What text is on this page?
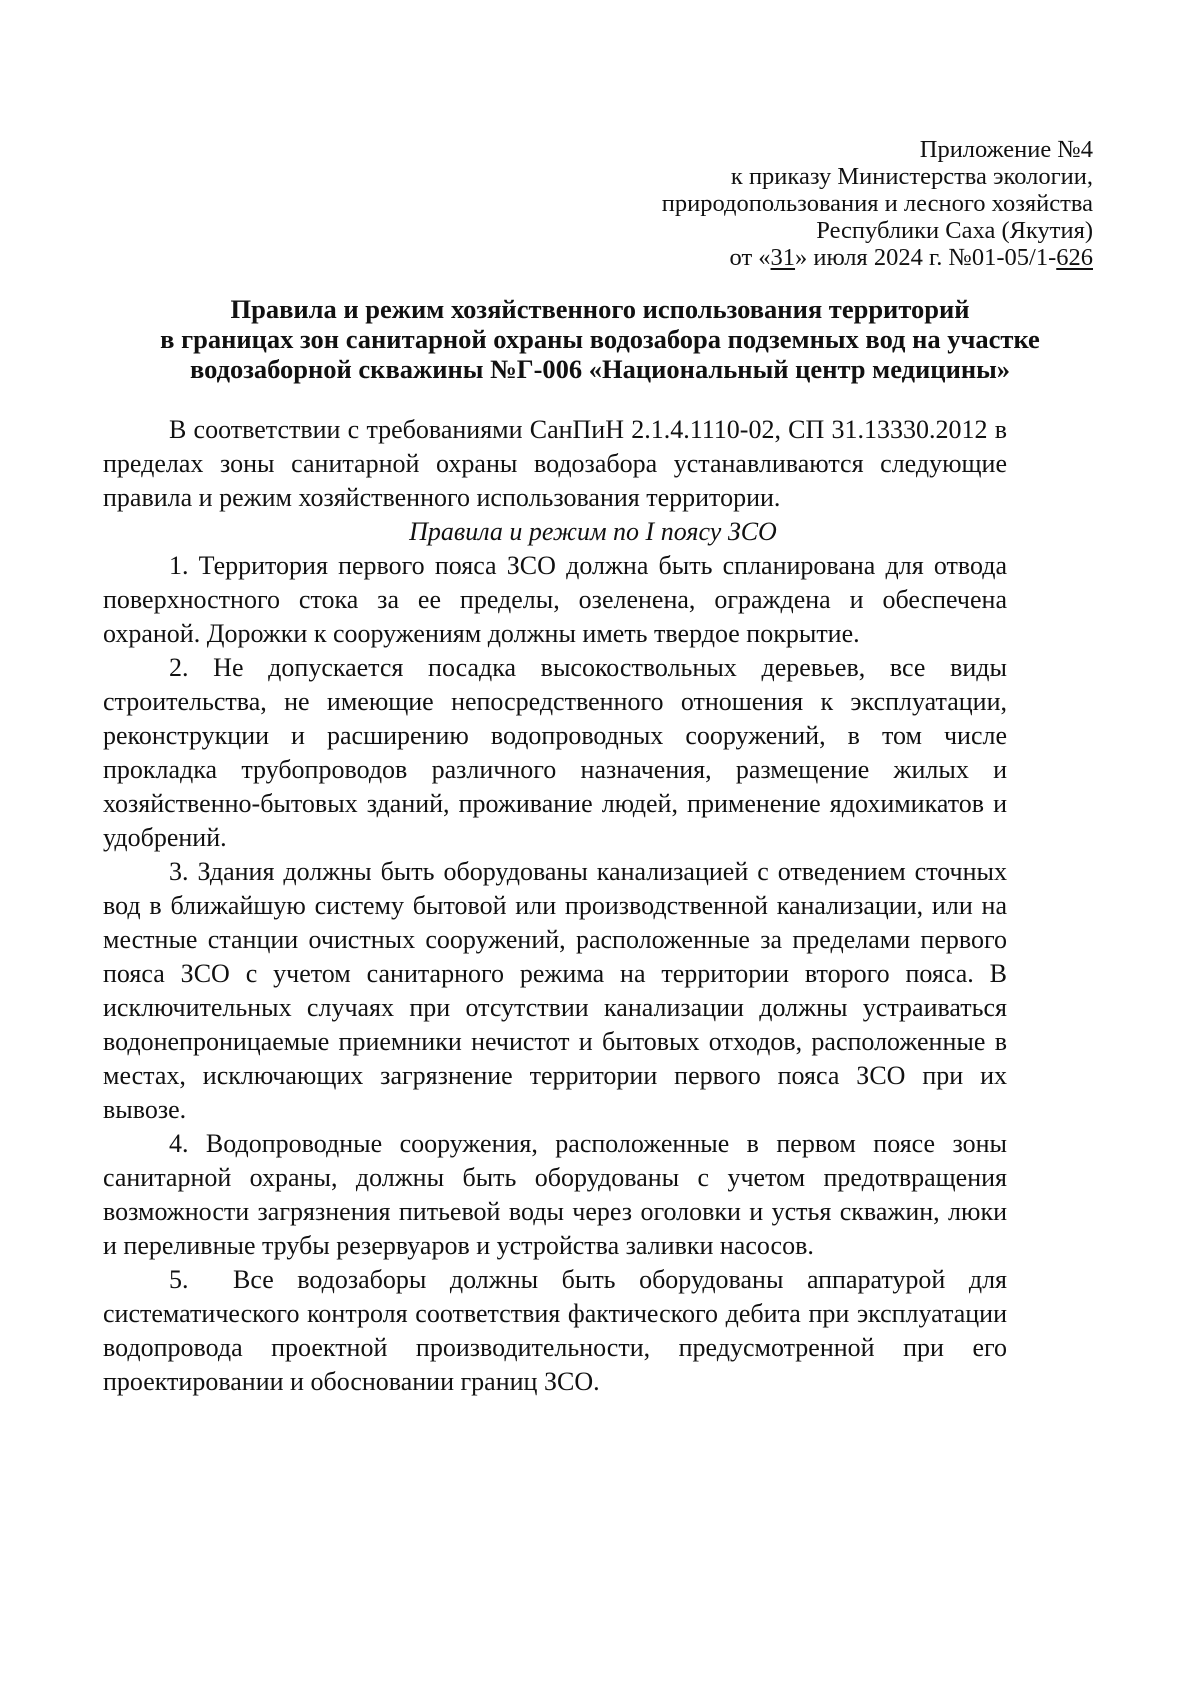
Приложение №4
к приказу Министерства экологии,
природопользования и лесного хозяйства
Республики Саха (Якутия)
от «31» июля 2024 г. №01-05/1-626
Правила и режим хозяйственного использования территорий
в границах зон санитарной охраны водозабора подземных вод на участке
водозаборной скважины №Г-006 «Национальный центр медицины»

В соответствии с требованиями СанПиН 2.1.4.1110-02, СП 31.13330.2012 в пределах зоны санитарной охраны водозабора устанавливаются следующие правила и режим хозяйственного использования территории.

Правила и режим по I поясу ЗСО

1. Территория первого пояса ЗСО должна быть спланирована для отвода поверхностного стока за ее пределы, озеленена, ограждена и обеспечена охраной. Дорожки к сооружениям должны иметь твердое покрытие.

2. Не допускается посадка высокоствольных деревьев, все виды строительства, не имеющие непосредственного отношения к эксплуатации, реконструкции и расширению водопроводных сооружений, в том числе прокладка трубопроводов различного назначения, размещение жилых и хозяйственно-бытовых зданий, проживание людей, применение ядохимикатов и удобрений.

3. Здания должны быть оборудованы канализацией с отведением сточных вод в ближайшую систему бытовой или производственной канализации, или на местные станции очистных сооружений, расположенные за пределами первого пояса ЗСО с учетом санитарного режима на территории второго пояса. В исключительных случаях при отсутствии канализации должны устраиваться водонепроницаемые приемники нечистот и бытовых отходов, расположенные в местах, исключающих загрязнение территории первого пояса ЗСО при их вывозе.

4. Водопроводные сооружения, расположенные в первом поясе зоны санитарной охраны, должны быть оборудованы с учетом предотвращения возможности загрязнения питьевой воды через оголовки и устья скважин, люки и переливные трубы резервуаров и устройства заливки насосов.

5. Все водозаборы должны быть оборудованы аппаратурой для систематического контроля соответствия фактического дебита при эксплуатации водопровода проектной производительности, предусмотренной при его проектировании и обосновании границ ЗСО.
